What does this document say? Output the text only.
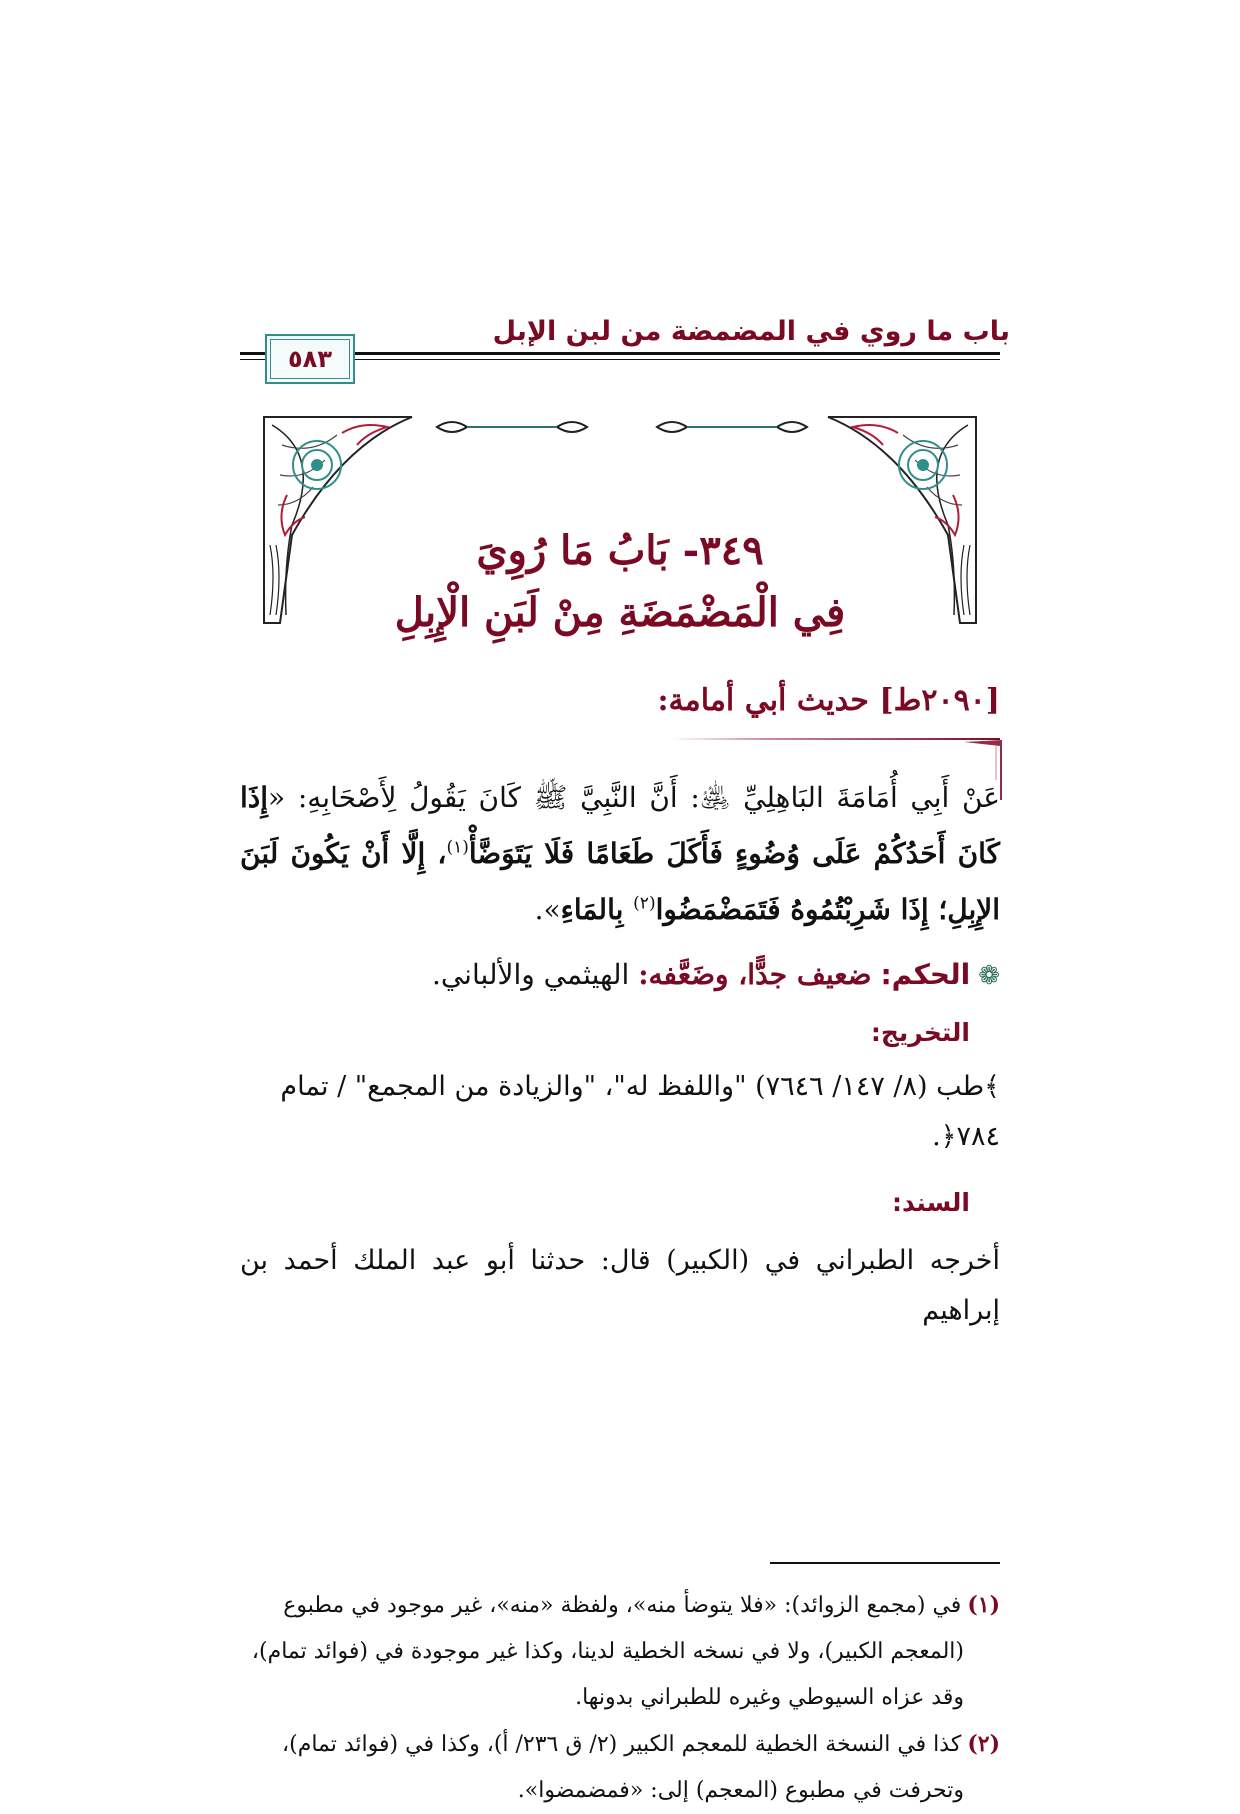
باب ما روي في المضمضة من لبن الإبل
٥٨٣
٣٤٩- بَابُ مَا رُوِيَ
فِي الْمَضْمَضَةِ مِنْ لَبَنِ الْإِبِلِ
[٢٠٩٠ط] حديث أبي أمامة:
عَنْ أَبِي أُمَامَةَ البَاهِلِيِّ ﵁: أَنَّ النَّبِيَّ ﷺ كَانَ يَقُولُ لِأَصْحَابِهِ: «إِذَا كَانَ أَحَدُكُمْ عَلَى وُضُوءٍ فَأَكَلَ طَعَامًا فَلَا يَتَوَضَّأْ$^{(١)}$، إِلَّا أَنْ يَكُونَ لَبَنَ الإِبِلِ؛ إِذَا شَرِبْتُمُوهُ فَتَمَضْمَضُوا$^{(٢)}$ بِالمَاءِ».
❁الحكم: ضعيف جدًّا، وضَعَّفه: الهيثمي والألباني.
التخريج:
﴾طب (٨/ ١٤٧/ ٧٦٤٦) "واللفظ له"، "والزيادة من المجمع" / تمام
٧٨٤﴿.
السند:
أخرجه الطبراني في (الكبير) قال: حدثنا أبو عبد الملك أحمد بن إبراهيم
(١)في (مجمع الزوائد): «فلا يتوضأ منه»، ولفظة «منه»، غير موجود في مطبوع
(المعجم الكبير)، ولا في نسخه الخطية لدينا، وكذا غير موجودة في (فوائد تمام)،
وقد عزاه السيوطي وغيره للطبراني بدونها.
(٢)كذا في النسخة الخطية للمعجم الكبير (٢/ ق ٢٣٦/ أ)، وكذا في (فوائد تمام)،
وتحرفت في مطبوع (المعجم) إلى: «فمضمضوا».
